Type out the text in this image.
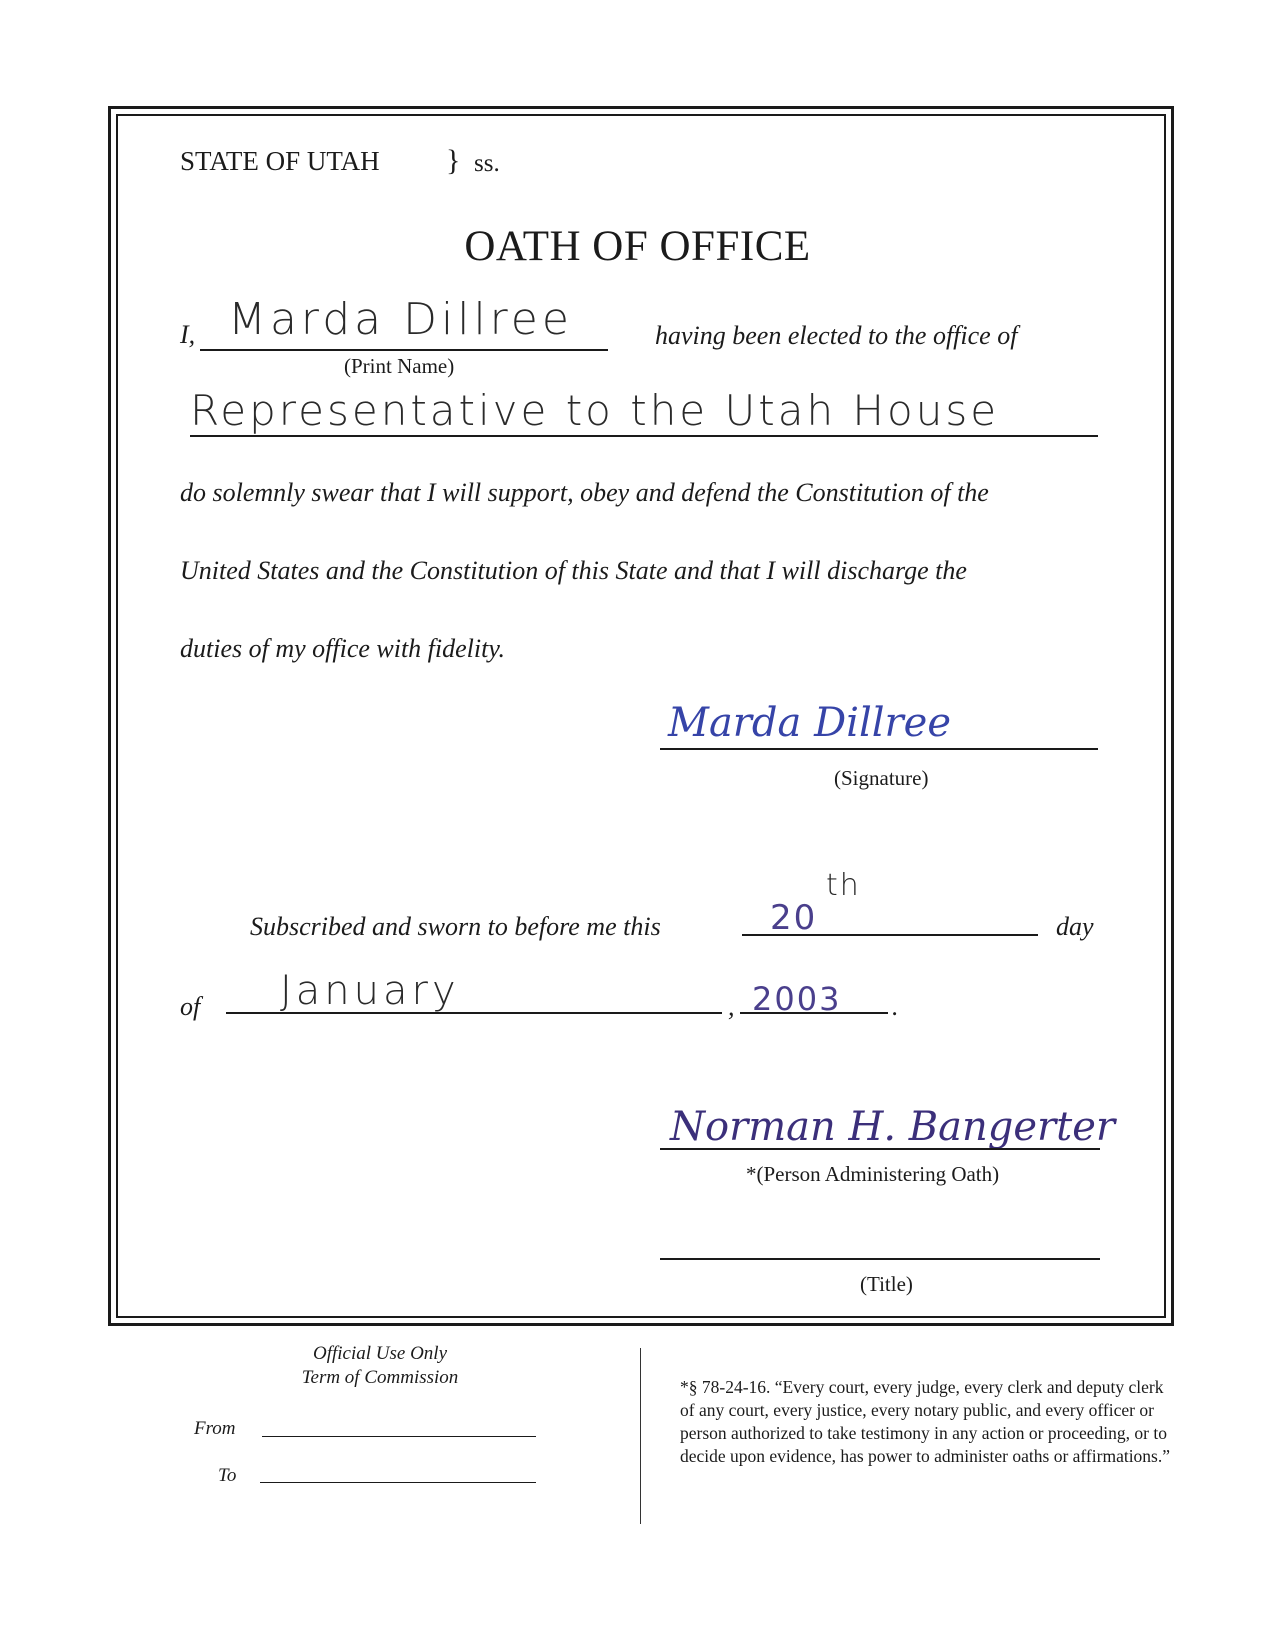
STATE OF UTAH } ss.
OATH OF OFFICE
I, Marda Dillree
(Print Name)
having been elected to the office of
Representative to the Utah House
do solemnly swear that I will support, obey and defend the Constitution of the
United States and the Constitution of this State and that I will discharge the
duties of my office with fidelity.
Marda Dillree
(Signature)
Subscribed and sworn to before me this	20
th
day
of January	, 2003 .
Norman H. Bangerter
*(Person Administering Oath)
(Title)
Official Use Only
Term of Commission
From
To
*§ 78-24-16. “Every court, every judge, every clerk and deputy clerk of any court, every justice, every notary public, and every officer or person authorized to take testimony in any action or proceeding, or to decide upon evidence, has power to administer oaths or affirmations.”
